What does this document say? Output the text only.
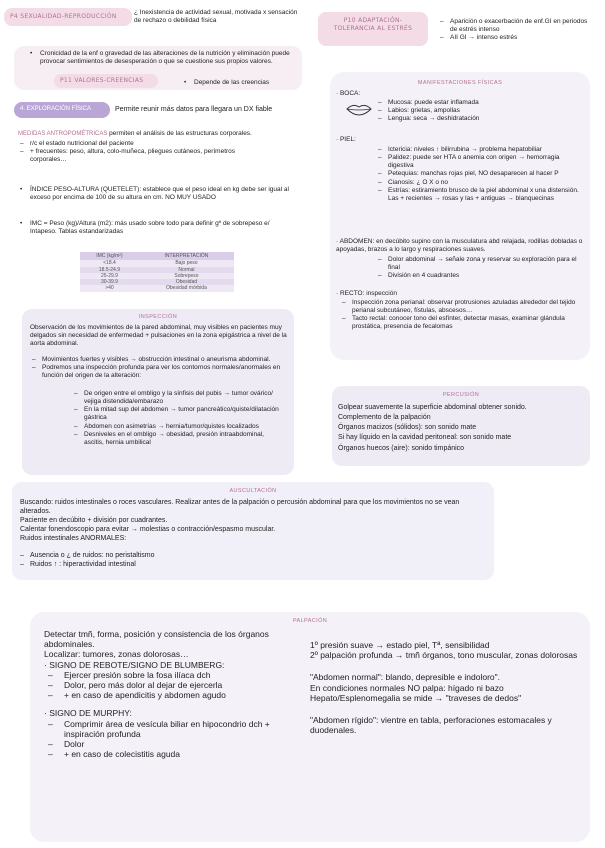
P4 SEXUALIDAD-REPRODUCCIÓN
¿ Inexistencia de actividad sexual, motivada x sensación de rechazo o debilidad física	P10 ADAPTACIÓN-TOLERANCIA AL ESTRÉS
– Aparición o exacerbación de enf.GI en periodos de estrés intenso
– AII GI → intenso estrés
• Cronicidad de la enf o gravedad de las alteraciones de la nutrición y eliminación puede provocar sentimientos de desesperación o que se cuestione sus propios valores.
P11 VALORES-CREENCIAS	• Depende de las creencias
4. EXPLORACIÓN FÍSICA	Permite reunir más datos para llegara un DX fiable
MEDIDAS ANTROPOMÉTRICAS permiten el análisis de las estructuras corporales.
– r/c el estado nutricional del paciente
– + frecuentes: peso, altura, colo-muñeca, pliegues cutáneos, perímetros corporales…
• ÍNDICE PESO-ALTURA (QUETELET): establece que el peso ideal en kg debe ser igual al exceso por encima de 100 de su altura en cm. NO MUY USADO
• IMC = Peso (kg)/Altura (m2): más usado sobre todo para definir gº de sobrepeso e/ Intapeso. Tablas estandarizadas
IMC (kg/m²)	INTERPRETACIÓN
<18.4	Bajo peso
18.5-24.9	Normal
25-29.9	Sobrepeso
30-39.9	Obesidad
>40	Obesidad mórbida
INSPECCIÓN
Observación de los movimientos de la pared abdominal, muy visibles en pacientes muy delgados sin necesidad de enfermedad + pulsaciones en la zona epigástrica a nivel de la aorta abdominal.
– Movimientos fuertes y visibles → obstrucción intestinal o aneurisma abdominal.
– Podremos una inspección profunda para ver los contornos normales/anormales en función del origen de la alteración:
– De origen entre el ombligo y la sínfisis del pubis → tumor ovárico/ vejiga distendida/embarazo
– En la mitad sup del abdomen → tumor pancreático/quiste/dilatación gástrica
– Abdomen con asimetrías → hernia/tumor/quistes localizados
– Desniveles en el ombligo → obesidad, presión intraabdominal, ascitis, hernia umbilical
MANIFESTACIONES FÍSICAS
· BOCA:
– Mucosa: puede estar inflamada
– Labios: grietas, ampollas
– Lengua: seca → deshidratación
· PIEL:
– Ictericia: niveles ↑ bilirrubina → problema hepatobiliar
– Palidez: puede ser HTA o anemia con origen → hemorragia digestiva
– Petequias: manchas rojas piel, NO desaparecen al hacer P
– Cianosis: ¿ O X o no
– Estrías: estiramiento brusco de la piel abdominal x una distensión. Las + recientes → rosas y las + antiguas → blanquecinas
· ABDOMEN: en decúbito supino con la musculatura abd relajada, rodillas dobladas o apoyadas, brazos a lo largo y respiraciones suaves.
– Dolor abdominal → señale zona y reservar su exploración para el final
– División en 4 cuadrantes
· RECTO: inspección
– Inspección zona perianal: observar protrusiones azuladas alrededor del tejido perianal subcutáneo, fístulas, abscesos…
– Tacto rectal: conocer tono del esfínter, detectar masas, examinar glándula prostática, presencia de fecalomas
PERCUSIÓN
Golpear suavemente la superficie abdominal obtener sonido.
Complemento de la palpación
Órganos macizos (sólidos): son sonido mate
Si hay líquido en la cavidad peritoneal: son sonido mate
Órganos huecos (aire): sonido timpánico
AUSCULTACIÓN
Buscando: ruidos intestinales o roces vasculares. Realizar antes de la palpación o percusión abdominal para que los movimientos no se vean alterados.
Paciente en decúbito + división por cuadrantes.
Calentar fonendoscopio para evitar → molestias o contracción/espasmo muscular.
Ruidos intestinales ANORMALES:
– Ausencia o ¿ de ruidos: no peristaltismo
– Ruidos ↑ : hiperactividad intestinal
PALPACIÓN
Detectar tmñ, forma, posición y consistencia de los órganos abdominales.
Localizar: tumores, zonas dolorosas…
· SIGNO DE REBOTE/SIGNO DE BLUMBERG:
– Ejercer presión sobre la fosa ilíaca dch
– Dolor, pero más dolor al dejar de ejercerla
– + en caso de apendicitis y abdomen agudo
· SIGNO DE MURPHY:
– Comprimir área de vesícula biliar en hipocondrio dch + inspiración profunda
– Dolor
– + en caso de colecistitis aguda
1º presión suave → estado piel, Tª, sensibilidad
2º palpación profunda → tmñ órganos, tono muscular, zonas dolorosas
"Abdomen normal": blando, depresible e indoloro".
En condiciones normales NO palpa: hígado ni bazo
Hepato/Esplenomegalia se mide → "traveses de dedos"
"Abdomen rígido": vientre en tabla, perforaciones estomacales y duodenales.
